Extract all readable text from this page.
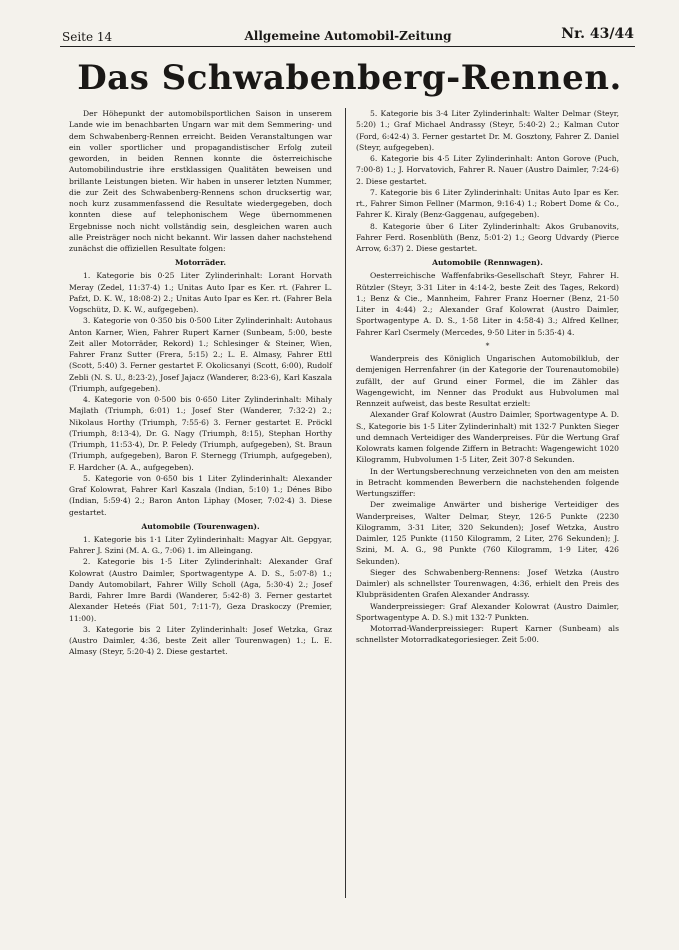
Seite 14	Allgemeine Automobil-Zeitung	Nr. 43/44
Das Schwabenberg-Rennen.

Der Höhepunkt der automobilsportlichen Saison in unserem Lande wie im benachbarten Ungarn war mit dem Semmering- und dem Schwabenberg-Rennen erreicht. Beiden Veranstaltungen war ein voller sportlicher und propagandistischer Erfolg zuteil geworden, in beiden Rennen konnte die österreichische Automobilindustrie ihre erstklassigen Qualitäten beweisen und brillante Leistungen bieten. Wir haben in unserer letzten Nummer, die zur Zeit des Schwabenberg-Rennens schon drucksertig war, noch kurz zusammenfassend die Resultate wiedergegeben, doch konnten diese auf telephonischem Wege übernommenen Ergebnisse noch nicht vollständig sein, desgleichen waren auch alle Preisträger noch nicht bekannt. Wir lassen daher nachstehend zunächst die offiziellen Resultate folgen:

Motorräder.

1. Kategorie bis 0·25 Liter Zylinderinhalt: Lorant Horvath Meray (Zedel, 11:37·4) 1.; Unitas Auto Ipar es Ker. rt. (Fahrer L. Pafzt, D. K. W., 18:08·2) 2.; Unitas Auto Ipar es Ker. rt. (Fahrer Bela Vogschütz, D. K. W., aufgegeben).

3. Kategorie von 0·350 bis 0·500 Liter Zylinderinhalt: Autohaus Anton Karner, Wien, Fahrer Rupert Karner (Sunbeam, 5:00, beste Zeit aller Motorräder, Rekord) 1.; Schlesinger & Steiner, Wien, Fahrer Franz Sutter (Frera, 5:15) 2.; L. E. Almasy, Fahrer Ettl (Scott, 5:40) 3. Ferner gestartet F. Okolicsanyi (Scott, 6:00), Rudolf Zebli (N. S. U., 8:23·2), Josef Jajacz (Wanderer, 8:23·6), Karl Kaszala (Triumph, aufgegeben).

4. Kategorie von 0·500 bis 0·650 Liter Zylinderinhalt: Mihaly Majlath (Triumph, 6:01) 1.; Josef Ster (Wanderer, 7:32·2) 2.; Nikolaus Horthy (Triumph, 7:55·6) 3. Ferner gestartet E. Pröckl (Triumph, 8:13·4), Dr. G. Nagy (Triumph, 8:15), Stephan Horthy (Triumph, 11:53·4), Dr. P. Feledy (Triumph, aufgegeben), St. Braun (Triumph, aufgegeben), Baron F. Sternegg (Triumph, aufgegeben), F. Hardcher (A. A., aufgegeben).

5. Kategorie von 0·650 bis 1 Liter Zylinderinhalt: Alexander Graf Kolowrat, Fahrer Karl Kaszala (Indian, 5:10) 1.; Dénes Bibo (Indian, 5:59·4) 2.; Baron Anton Liphay (Moser, 7:02·4) 3. Diese gestartet.

Automobile (Tourenwagen).

1. Kategorie bis 1·1 Liter Zylinderinhalt: Magyar Alt. Gepgyar, Fahrer J. Szini (M. A. G., 7:06) 1. im Alleingang.

2. Kategorie bis 1·5 Liter Zylinderinhalt: Alexander Graf Kolowrat (Austro Daimler, Sportwagentype A. D. S., 5:07·8) 1.; Dandy Automobilart, Fahrer Willy Scholl (Aga, 5:30·4) 2.; Josef Bardi, Fahrer Imre Bardi (Wanderer, 5:42·8) 3. Ferner gestartet Alexander Heteés (Fiat 501, 7:11·7), Geza Draskoczy (Premier, 11:00).

3. Kategorie bis 2 Liter Zylinderinhalt: Josef Wetzka, Graz (Austro Daimler, 4:36, beste Zeit aller Tourenwagen) 1.; L. E. Almasy (Steyr, 5:20·4) 2. Diese gestartet.

5. Kategorie bis 3·4 Liter Zylinderinhalt: Walter Delmar (Steyr, 5:20) 1.; Graf Michael Andrassy (Steyr, 5:40·2) 2.; Kalman Cutor (Ford, 6:42·4) 3. Ferner gestartet Dr. M. Gosztony, Fahrer Z. Daniel (Steyr, aufgegeben).

6. Kategorie bis 4·5 Liter Zylinderinhalt: Anton Gorove (Puch, 7:00·8) 1.; J. Horvatovich, Fahrer R. Nauer (Austro Daimler, 7:24·6) 2. Diese gestartet.

7. Kategorie bis 6 Liter Zylinderinhalt: Unitas Auto Ipar es Ker. rt., Fahrer Simon Fellner (Marmon, 9:16·4) 1.; Robert Dome & Co., Fahrer K. Kiraly (Benz-Gaggenau, aufgegeben).

8. Kategorie über 6 Liter Zylinderinhalt: Akos Grubanovits, Fahrer Ferd. Rosenblüth (Benz, 5:01·2) 1.; Georg Udvardy (Pierce Arrow, 6:37) 2. Diese gestartet.

Automobile (Rennwagen).

Oesterreichische Waffenfabriks-Gesellschaft Steyr, Fahrer H. Rützler (Steyr, 3·31 Liter in 4:14·2, beste Zeit des Tages, Rekord) 1.; Benz & Cie., Mannheim, Fahrer Franz Hoerner (Benz, 21·50 Liter in 4:44) 2.; Alexander Graf Kolowrat (Austro Daimler, Sportwagentype A. D. S., 1·58 Liter in 4:58·4) 3.; Alfred Kellner, Fahrer Karl Csermely (Mercedes, 9·50 Liter in 5:35·4) 4.

*

Wanderpreis des Königlich Ungarischen Automobilklub, der demjenigen Herrenfahrer (in der Kategorie der Tourenautomobile) zufällt, der auf Grund einer Formel, die im Zähler das Wagengewicht, im Nenner das Produkt aus Hubvolumen mal Rennzeit aufweist, das beste Resultat erzielt:

Alexander Graf Kolowrat (Austro Daimler, Sportwagentype A. D. S., Kategorie bis 1·5 Liter Zylinderinhalt) mit 132·7 Punkten Sieger und demnach Verteidiger des Wanderpreises. Für die Wertung Graf Kolowrats kamen folgende Ziffern in Betracht: Wagengewicht 1020 Kilogramm, Hubvolumen 1·5 Liter, Zeit 307·8 Sekunden.

In der Wertungsberechnung verzeichneten von den am meisten in Betracht kommenden Bewerbern die nachstehenden folgende Wertungsziffer:

Der zweimalige Anwärter und bisherige Verteidiger des Wanderpreises, Walter Delmar, Steyr, 126·5 Punkte (2230 Kilogramm, 3·31 Liter, 320 Sekunden); Josef Wetzka, Austro Daimler, 125 Punkte (1150 Kilogramm, 2 Liter, 276 Sekunden); J. Szini, M. A. G., 98 Punkte (760 Kilogramm, 1·9 Liter, 426 Sekunden).

Sieger des Schwabenberg-Rennens: Josef Wetzka (Austro Daimler) als schnellster Tourenwagen, 4:36, erhielt den Preis des Klubpräsidenten Grafen Alexander Andrassy.

Wanderpreissieger: Graf Alexander Kolowrat (Austro Daimler, Sportwagentype A. D. S.) mit 132·7 Punkten.

Motorrad-Wanderpreissieger: Rupert Karner (Sunbeam) als schnellster Motorradkategoriesieger. Zeit 5:00.
